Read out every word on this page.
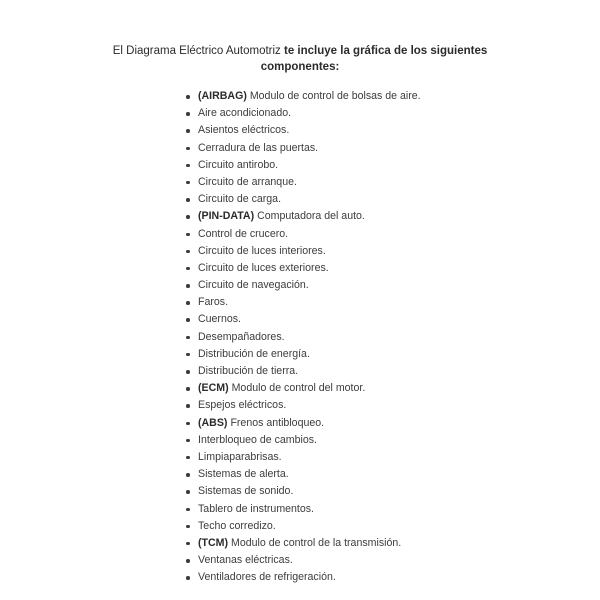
El Diagrama Eléctrico Automotriz te incluye la gráfica de los siguientes
componentes:
(AIRBAG) Modulo de control de bolsas de aire.
Aire acondicionado.
Asientos eléctricos.
Cerradura de las puertas.
Circuito antirobo.
Circuito de arranque.
Circuito de carga.
(PIN-DATA) Computadora del auto.
Control de crucero.
Circuito de luces interiores.
Circuito de luces exteriores.
Circuito de navegación.
Faros.
Cuernos.
Desempañadores.
Distribución de energía.
Distribución de tierra.
(ECM) Modulo de control del motor.
Espejos eléctricos.
(ABS) Frenos antibloqueo.
Interbloqueo de cambios.
Limpiaparabrisas.
Sistemas de alerta.
Sistemas de sonido.
Tablero de instrumentos.
Techo corredizo.
(TCM) Modulo de control de la transmisión.
Ventanas eléctricas.
Ventiladores de refrigeración.
